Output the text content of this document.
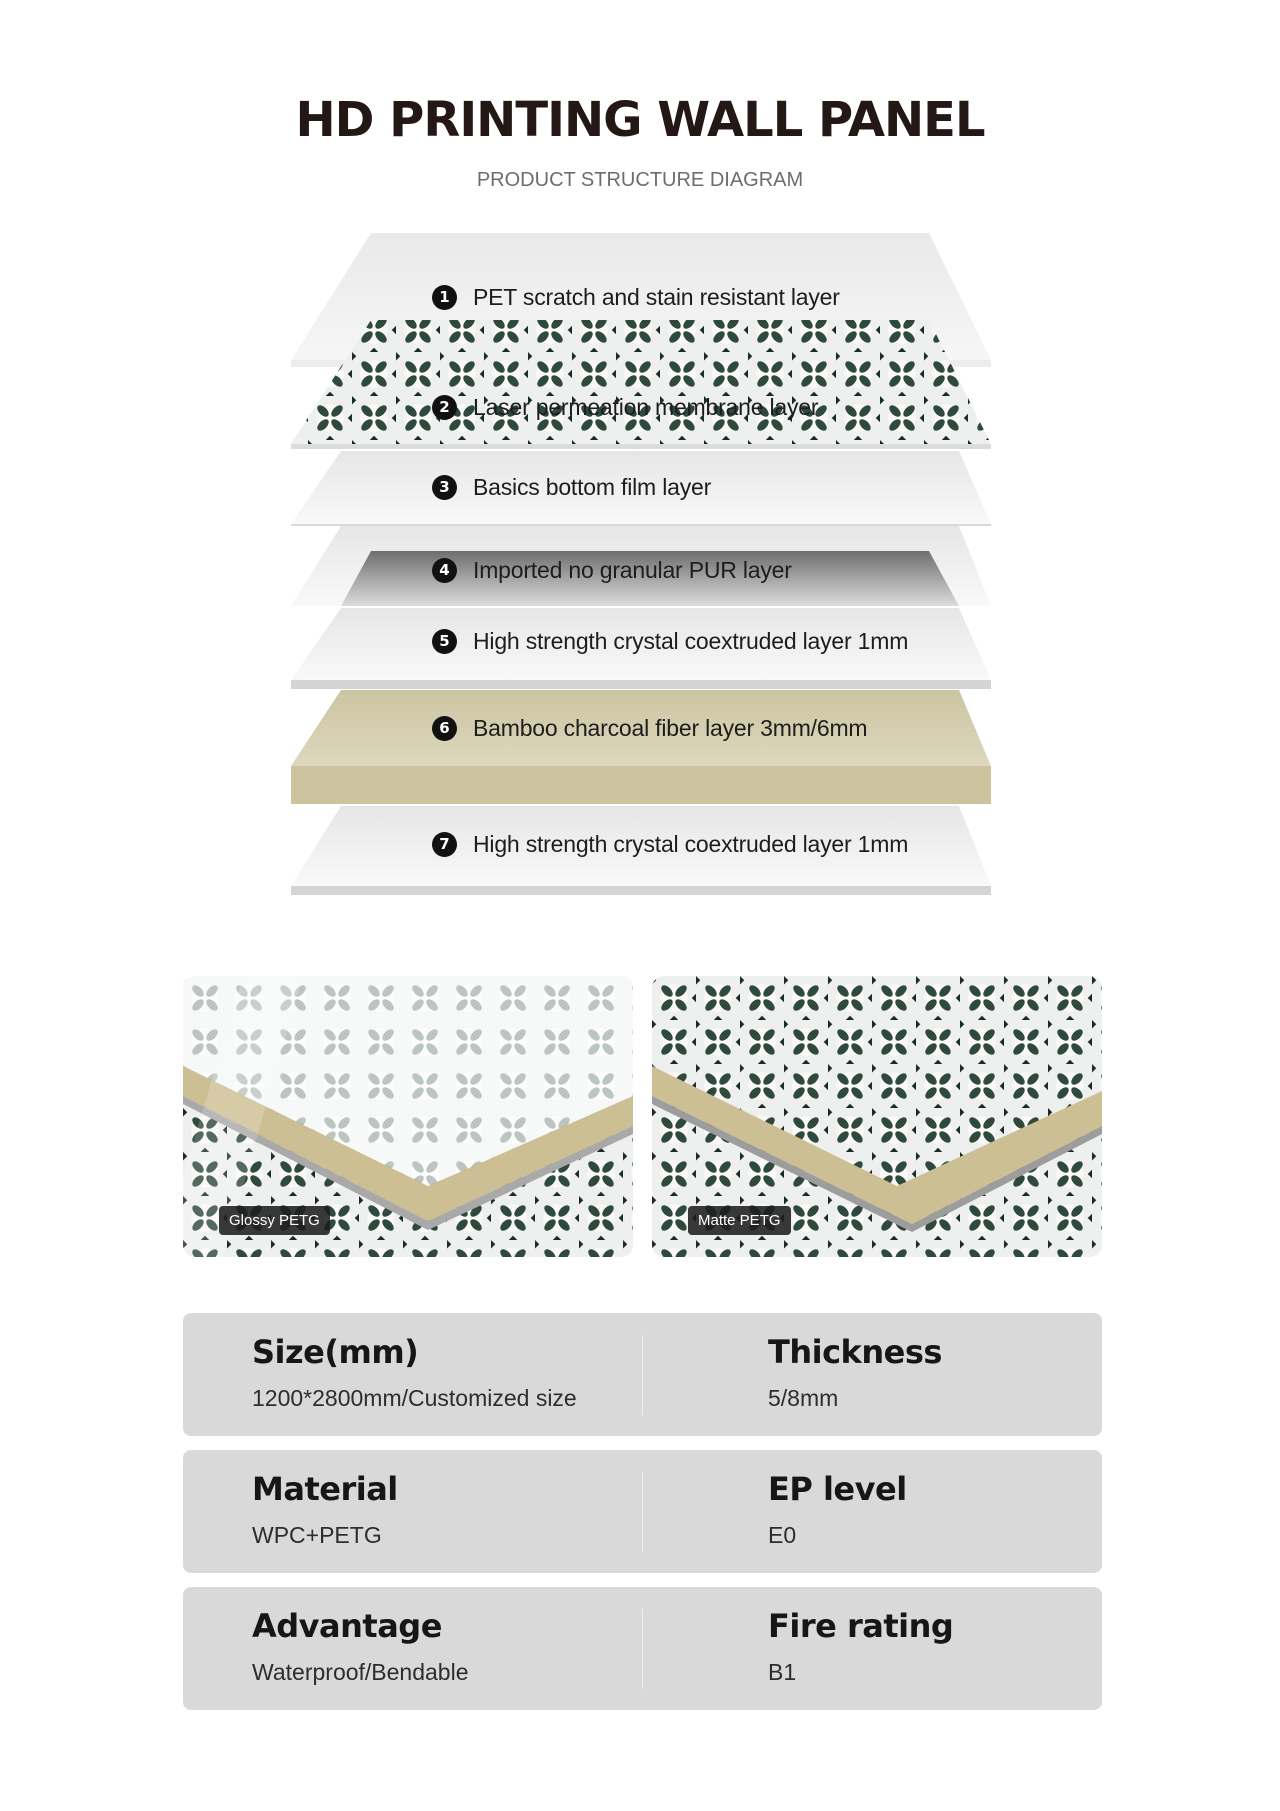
HD PRINTING WALL PANEL
PRODUCT STRUCTURE DIAGRAM
1	PET scratch and stain resistant layer
2	Laser permeation membrane layer
3	Basics bottom film layer
4	Imported no granular PUR layer
5	High strength crystal coextruded layer 1mm
6	Bamboo charcoal fiber layer 3mm/6mm
7	High strength crystal coextruded layer 1mm
Glossy PETG	Matte PETG
Size(mm)
1200*2800mm/Customized size
Thickness
5/8mm
Material
WPC+PETG
EP level
E0
Advantage
Waterproof/Bendable
Fire rating
B1
